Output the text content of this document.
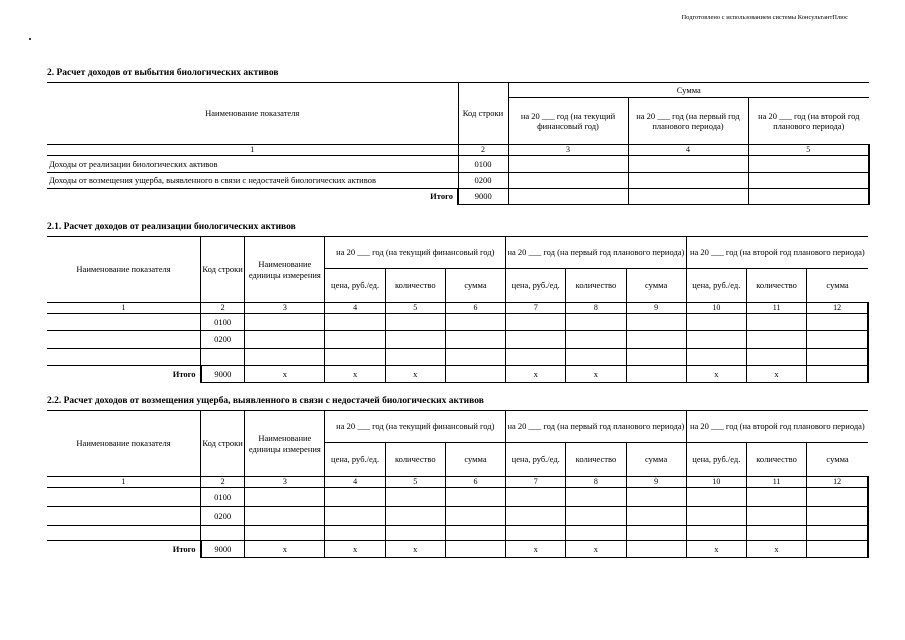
Подготовлено с использованием системы КонсультантПлюс
2. Расчет доходов от выбытия биологических активов
Наименование показателя	Код строки	Сумма		
		на 20 ___ год (на текущий финансовый год)	на 20 ___ год (на первый год планового периода)	на 20 ___ год (на второй год планового периода)
1	2	3	4	5
Доходы от реализации биологических активов	0100			
Доходы от возмещения ущерба, выявленного в связи с недостачей биологических активов	0200			
Итого	9000			
2.1. Расчет доходов от реализации биологических активов
Наименование показателя	Код строки	Наименование единицы измерения	на 20 ___ год (на текущий финансовый год)			на 20 ___ год (на первый год планового периода)			на 20 ___ год (на второй год планового периода)		
			цена, руб./ед.	количество	сумма	цена, руб./ед.	количество	сумма	цена, руб./ед.	количество	сумма
1	2	3	4	5	6	7	8	9	10	11	12
	0100										
	0200										

Итого	9000	х	х	х		х	х		х	х	
2.2. Расчет доходов от возмещения ущерба, выявленного в связи с недостачей биологических активов
Наименование показателя	Код строки	Наименование единицы измерения	на 20 ___ год (на текущий финансовый год)			на 20 ___ год (на первый год планового периода)			на 20 ___ год (на второй год планового периода)		
			цена, руб./ед.	количество	сумма	цена, руб./ед.	количество	сумма	цена, руб./ед.	количество	сумма
1	2	3	4	5	6	7	8	9	10	11	12
	0100										
	0200										

Итого	9000	х	х	х		х	х		х	х	
